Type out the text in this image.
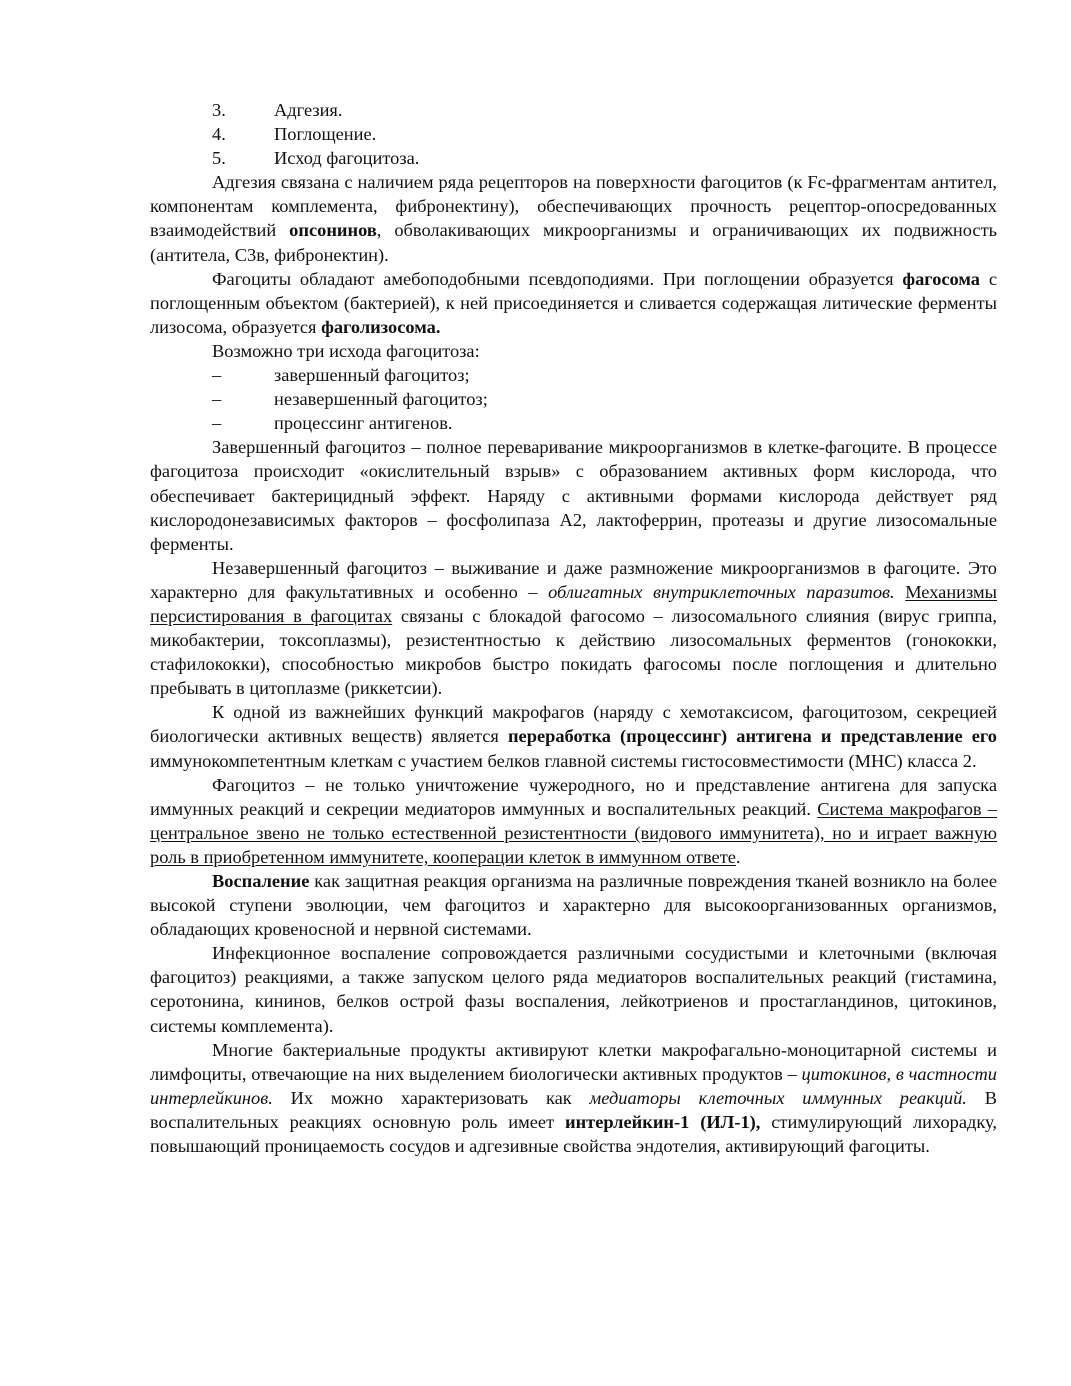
3.	Адгезия.
4.	Поглощение.
5.	Исход фагоцитоза.

Адгезия связана с наличием ряда рецепторов на поверхности фагоцитов (к Fc-фрагментам антител, компонентам комплемента, фибронектину), обеспечивающих прочность рецептор-опосредованных взаимодействий опсонинов, обволакивающих микроорганизмы и ограничивающих их подвижность (антитела, С3в, фибронектин).

Фагоциты обладают амебоподобными псевдоподиями. При поглощении образуется фагосома с поглощенным объектом (бактерией), к ней присоединяется и сливается содержащая литические ферменты лизосома, образуется фаголизосома.

Возможно три исхода фагоцитоза:

–	завершенный фагоцитоз;
–	незавершенный фагоцитоз;
–	процессинг антигенов.

Завершенный фагоцитоз – полное переваривание микроорганизмов в клетке-фагоците. В процессе фагоцитоза происходит «окислительный взрыв» с образованием активных форм кислорода, что обеспечивает бактерицидный эффект. Наряду с активными формами кислорода действует ряд кислородонезависимых факторов – фосфолипаза А2, лактоферрин, протеазы и другие лизосомальные ферменты.

Незавершенный фагоцитоз – выживание и даже размножение микроорганизмов в фагоците. Это характерно для факультативных и особенно – облигатных внутриклеточных паразитов. Механизмы персистирования в фагоцитах связаны с блокадой фагосомо – лизосомального слияния (вирус гриппа, микобактерии, токсоплазмы), резистентностью к действию лизосомальных ферментов (гонококки, стафилококки), способностью микробов быстро покидать фагосомы после поглощения и длительно пребывать в цитоплазме (риккетсии).

К одной из важнейших функций макрофагов (наряду с хемотаксисом, фагоцитозом, секрецией биологически активных веществ) является переработка (процессинг) антигена и представление его иммунокомпетентным клеткам с участием белков главной системы гистосовместимости (МНС) класса 2.

Фагоцитоз – не только уничтожение чужеродного, но и представление антигена для запуска иммунных реакций и секреции медиаторов иммунных и воспалительных реакций. Система макрофагов – центральное звено не только естественной резистентности (видового иммунитета), но и играет важную роль в приобретенном иммунитете, кооперации клеток в иммунном ответе.

Воспаление как защитная реакция организма на различные повреждения тканей возникло на более высокой ступени эволюции, чем фагоцитоз и характерно для высокоорганизованных организмов, обладающих кровеносной и нервной системами.

Инфекционное воспаление сопровождается различными сосудистыми и клеточными (включая фагоцитоз) реакциями, а также запуском целого ряда медиаторов воспалительных реакций (гистамина, серотонина, кининов, белков острой фазы воспаления, лейкотриенов и простагландинов, цитокинов, системы комплемента).

Многие бактериальные продукты активируют клетки макрофагально-моноцитарной системы и лимфоциты, отвечающие на них выделением биологически активных продуктов – цитокинов, в частности интерлейкинов. Их можно характеризовать как медиаторы клеточных иммунных реакций. В воспалительных реакциях основную роль имеет интерлейкин-1 (ИЛ-1), стимулирующий лихорадку, повышающий проницаемость сосудов и адгезивные свойства эндотелия, активирующий фагоциты.
